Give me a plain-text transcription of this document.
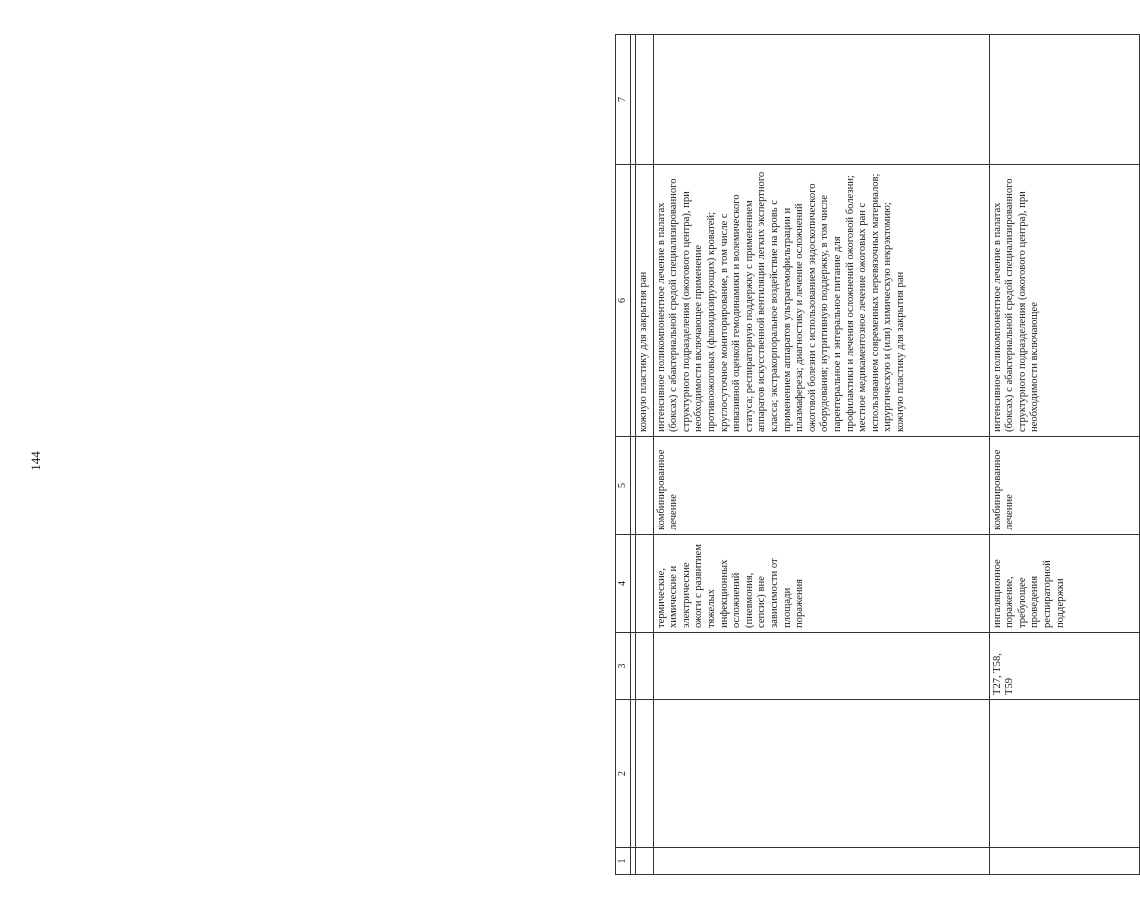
144
1	2	3	4	5	6	7

					кожную пластику для закрытия ран	
			термические, химические и электрические ожоги с развитием тяжелых инфекционных осложнений (пневмония, сепсис) вне зависимости от площади поражения	комбинированное лечение	интенсивное поликомпонентное лечение в палатах (боксах) с абактериальной средой специализированного структурного подразделения (ожогового центра), при необходимости включающее применение противоожоговых (флюидизирующих) кроватей; круглосуточное мониторирование, в том числе с инвазивной оценкой гемодинамики и волемического статуса; респираторную поддержку с применением аппаратов искусственной вентиляции легких экспертного класса; экстракорпоральное воздействие на кровь с применением аппаратов ультрагемофильтрации и плазмафереза; диагностику и лечение осложнений ожоговой болезни с использованием эндоскопического оборудования; нутритивную поддержку, в том числе парентеральное и энтеральное питание для профилактики и лечения осложнений ожоговой болезни; местное медикаментозное лечение ожоговых ран с использованием современных перевязочных материалов; хирургическую и (или) химическую некрэктомию; кожную пластику для закрытия ран	
		T27, T58, T59	ингаляционное поражение, требующее проведения респираторной поддержки	комбинированное лечение	интенсивное поликомпонентное лечение в палатах (боксах) с абактериальной средой специализированного структурного подразделения (ожогового центра), при необходимости включающее	
